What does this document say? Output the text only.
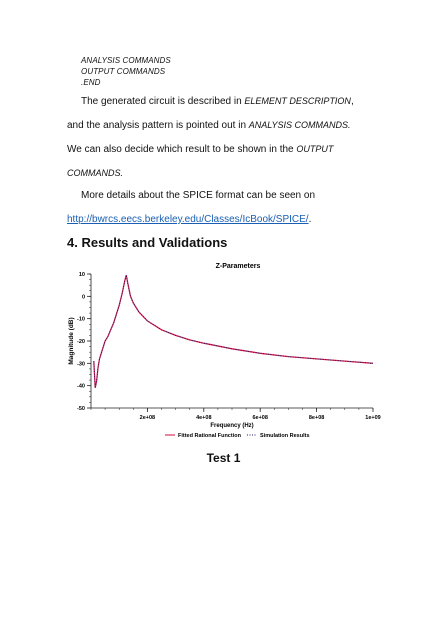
ANALYSIS COMMANDS
OUTPUT COMMANDS
.END
The generated circuit is described in ELEMENT DESCRIPTION,
and the analysis pattern is pointed out in ANALYSIS COMMANDS.
We can also decide which result to be shown in the OUTPUT
COMMANDS.
More details about the SPICE format can be seen on
http://bwrcs.eecs.berkeley.edu/Classes/IcBook/SPICE/.
4. Results and Validations
Z-Parameters
Magnitude (dB)
Frequency (Hz)
10
0
-10
-20
-30
-40
-50
2e+08	4e+08	6e+08	8e+08	1e+09
Fitted Rational Function	Simulation Results
Test 1
